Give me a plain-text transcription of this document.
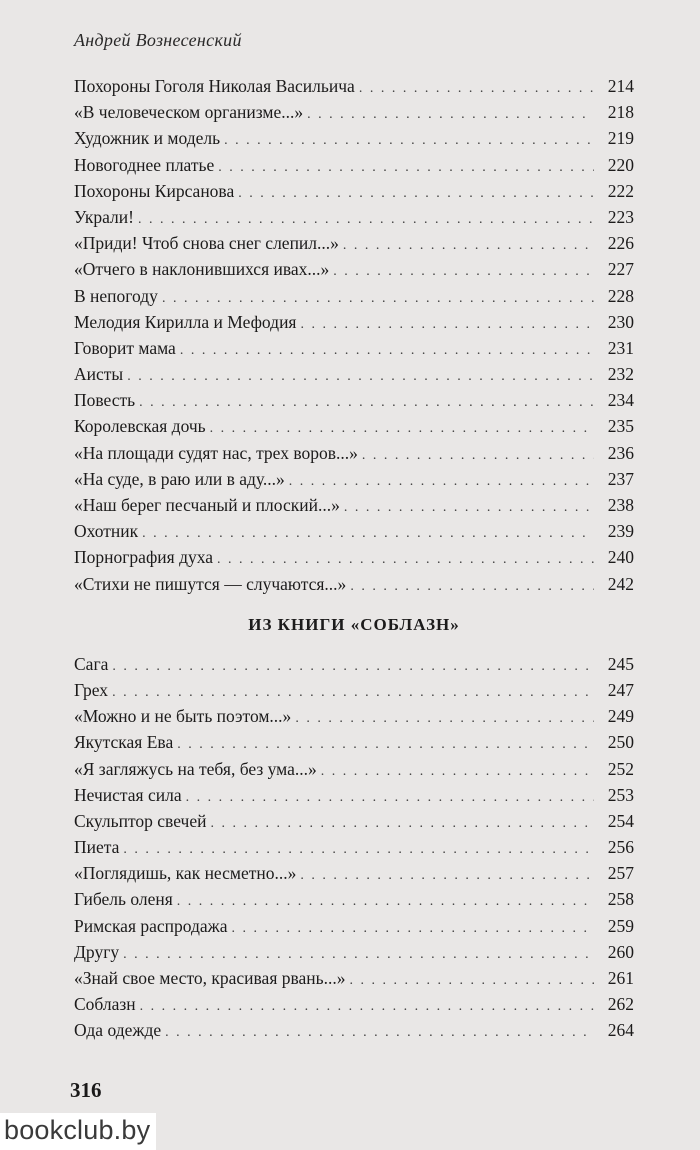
Андрей Вознесенский
Похороны Гоголя Николая Васильича . . .	214
«В человеческом организме...» . . .	218
Художник и модель . . .	219
Новогоднее платье . . .	220
Похороны Кирсанова . . .	222
Украли! . . .	223
«Приди! Чтоб снова снег слепил...» . . .	226
«Отчего в наклонившихся ивах...» . . .	227
В непогоду . . .	228
Мелодия Кирилла и Мефодия . . .	230
Говорит мама . . .	231
Аисты . . .	232
Повесть . . .	234
Королевская дочь . . .	235
«На площади судят нас, трех воров...» . . .	236
«На суде, в раю или в аду...» . . .	237
«Наш берег песчаный и плоский...» . . .	238
Охотник . . .	239
Порнография духа . . .	240
«Стихи не пишутся — случаются...» . . .	242
ИЗ КНИГИ «СОБЛАЗН»
Сага . . .	245
Грех . . .	247
«Можно и не быть поэтом...» . . .	249
Якутская Ева . . .	250
«Я загляжусь на тебя, без ума...» . . .	252
Нечистая сила . . .	253
Скульптор свечей . . .	254
Пиета . . .	256
«Поглядишь, как несметно...» . . .	257
Гибель оленя . . .	258
Римская распродажа . . .	259
Другу . . .	260
«Знай свое место, красивая рвань...» . . .	261
Соблазн . . .	262
Ода одежде . . .	264
316
bookclub.by
